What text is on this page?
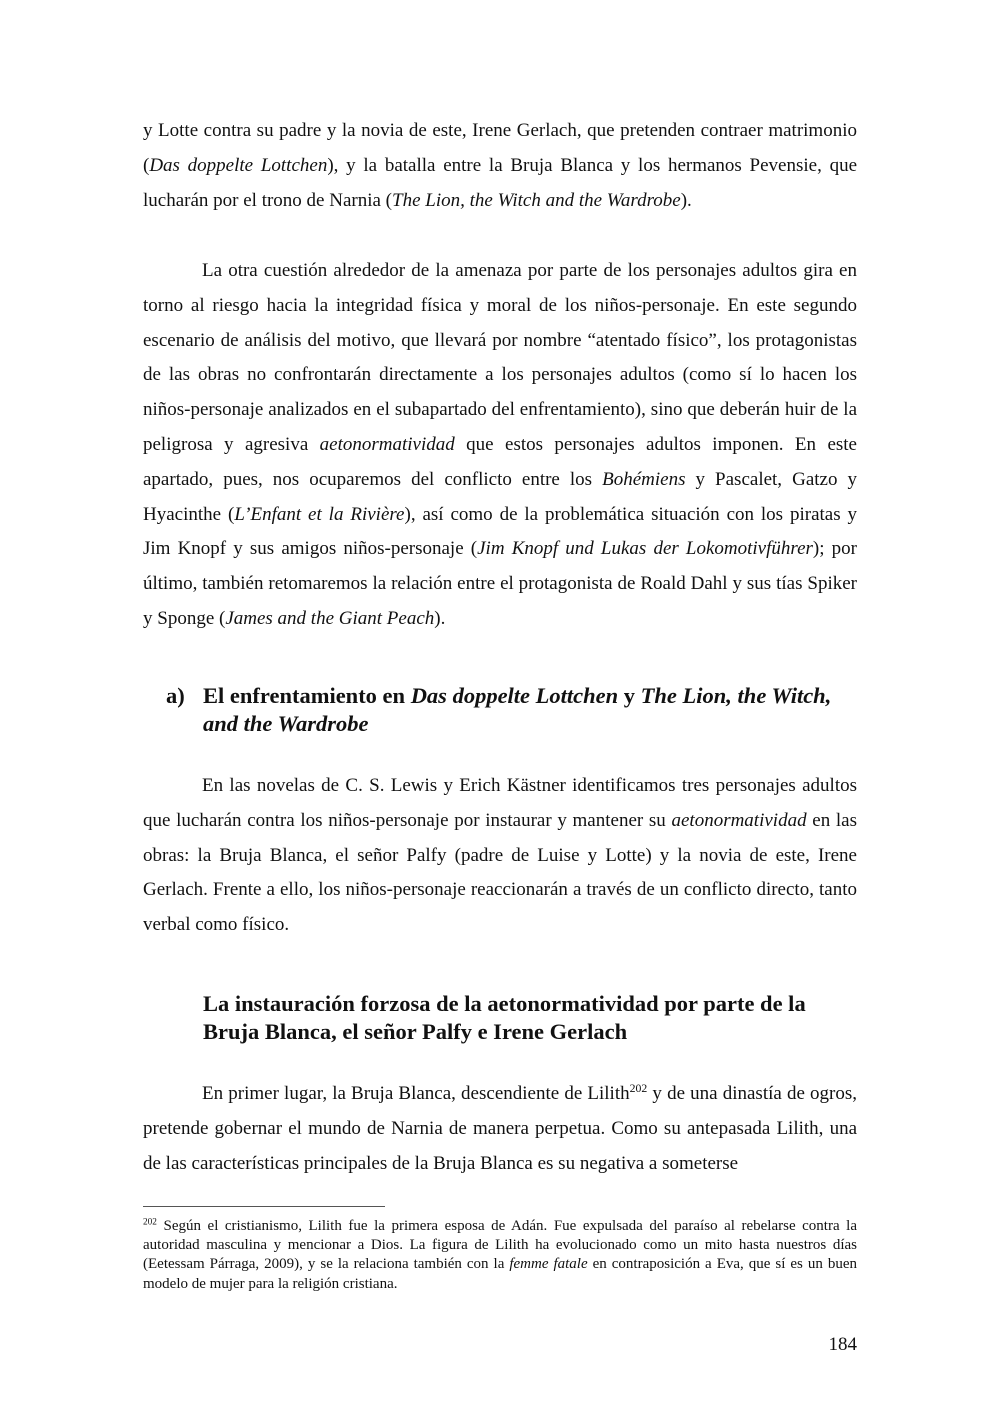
y Lotte contra su padre y la novia de este, Irene Gerlach, que pretenden contraer matrimonio (Das doppelte Lottchen), y la batalla entre la Bruja Blanca y los hermanos Pevensie, que lucharán por el trono de Narnia (The Lion, the Witch and the Wardrobe).

La otra cuestión alrededor de la amenaza por parte de los personajes adultos gira en torno al riesgo hacia la integridad física y moral de los niños-personaje. En este segundo escenario de análisis del motivo, que llevará por nombre “atentado físico”, los protagonistas de las obras no confrontarán directamente a los personajes adultos (como sí lo hacen los niños-personaje analizados en el subapartado del enfrentamiento), sino que deberán huir de la peligrosa y agresiva aetonormatividad que estos personajes adultos imponen. En este apartado, pues, nos ocuparemos del conflicto entre los Bohémiens y Pascalet, Gatzo y Hyacinthe (L’Enfant et la Rivière), así como de la problemática situación con los piratas y Jim Knopf y sus amigos niños-personaje (Jim Knopf und Lukas der Lokomotivführer); por último, también retomaremos la relación entre el protagonista de Roald Dahl y sus tías Spiker y Sponge (James and the Giant Peach).

a) El enfrentamiento en Das doppelte Lottchen y The Lion, the Witch, and the Wardrobe

En las novelas de C. S. Lewis y Erich Kästner identificamos tres personajes adultos que lucharán contra los niños-personaje por instaurar y mantener su aetonormatividad en las obras: la Bruja Blanca, el señor Palfy (padre de Luise y Lotte) y la novia de este, Irene Gerlach. Frente a ello, los niños-personaje reaccionarán a través de un conflicto directo, tanto verbal como físico.

La instauración forzosa de la aetonormatividad por parte de la Bruja Blanca, el señor Palfy e Irene Gerlach

En primer lugar, la Bruja Blanca, descendiente de Lilith$^{202}$ y de una dinastía de ogros, pretende gobernar el mundo de Narnia de manera perpetua. Como su antepasada Lilith, una de las características principales de la Bruja Blanca es su negativa a someterse

$^{202}$ Según el cristianismo, Lilith fue la primera esposa de Adán. Fue expulsada del paraíso al rebelarse contra la autoridad masculina y mencionar a Dios. La figura de Lilith ha evolucionado como un mito hasta nuestros días (Eetessam Párraga, 2009), y se la relaciona también con la femme fatale en contraposición a Eva, que sí es un buen modelo de mujer para la religión cristiana.

184
